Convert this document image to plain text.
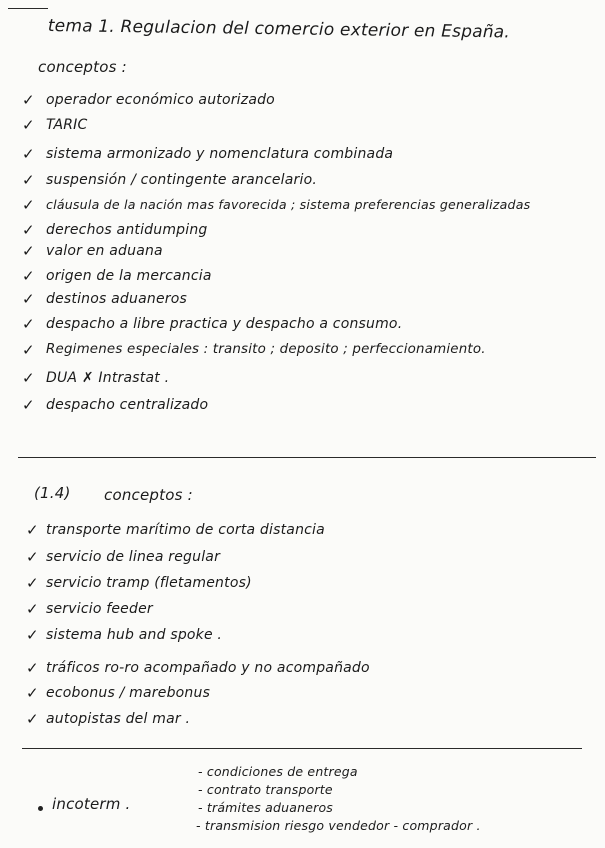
tema 1. Regulacion del comercio exterior en España.
conceptos :
✓ operador económico autorizado
✓ TARIC
✓ sistema armonizado y nomenclatura combinada
✓ suspensión / contingente arancelario.
✓ cláusula de la nación mas favorecida ; sistema preferencias generalizadas
✓ derechos antidumping
✓ valor en aduana
✓ origen de la mercancia
✓ destinos aduaneros
✓ despacho a libre practica y despacho a consumo.
✓ Regimenes especiales : transito ; deposito ; perfeccionamiento.
✓ DUA ✗ Intrastat .
✓ despacho centralizado
(1.4) conceptos :
✓ transporte marítimo de corta distancia
✓ servicio de linea regular
✓ servicio tramp (fletamentos)
✓ servicio feeder
✓ sistema hub and spoke .
✓ tráficos ro-ro acompañado y no acompañado
✓ ecobonus / marebonus
✓ autopistas del mar .
incoterm .
- condiciones de entrega
- contrato transporte
- trámites aduaneros
- transmision riesgo vendedor - comprador .
